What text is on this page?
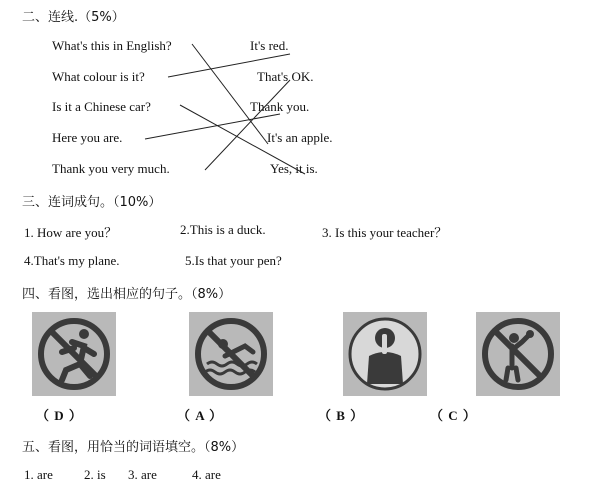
二、连线.（5%）
What's this in English?
What colour is it?
Is it a Chinese car?
Here you are.
Thank you very much.
It's red.
That's OK.
Thank you.
It's an apple.
Yes, it is.
三、连词成句。（10%）
1. How are you？	2.This is a duck.	3. Is this your teacher？
4.That's my plane.	5.Is that your pen?
四、看图，选出相应的句子。（8%）
（ D ）	（ A ）	（ B ）	（ C ）
五、看图，用恰当的词语填空。（8%）
1. are 2. is 3. are	4. are
